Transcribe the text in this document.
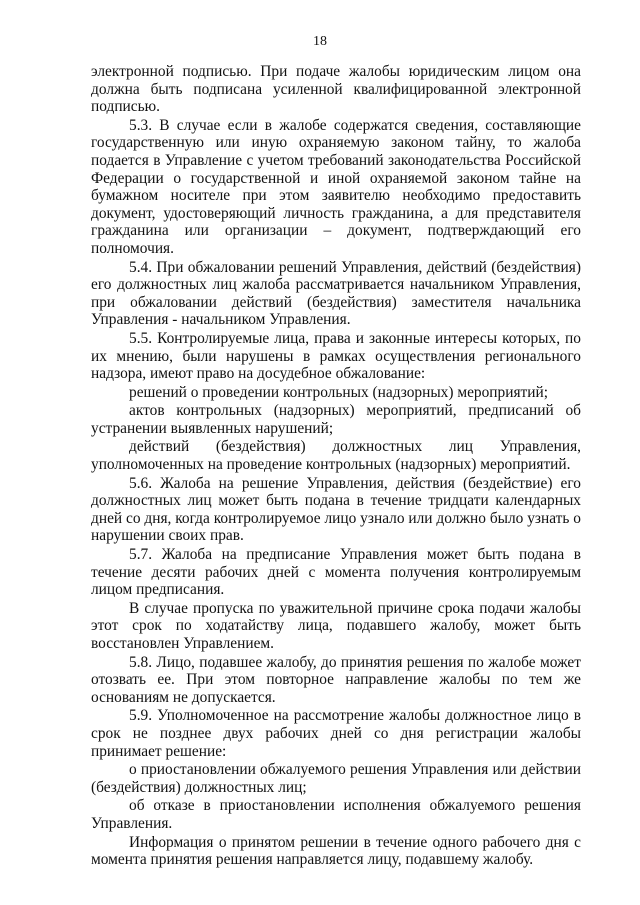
18

электронной подписью. При подаче жалобы юридическим лицом она должна быть подписана усиленной квалифицированной электронной подписью.

5.3. В случае если в жалобе содержатся сведения, составляющие государственную или иную охраняемую законом тайну, то жалоба подается в Управление с учетом требований законодательства Российской Федерации о государственной и иной охраняемой законом тайне на бумажном носителе при этом заявителю необходимо предоставить документ, удостоверяющий личность гражданина, а для представителя гражданина или организации – документ, подтверждающий его полномочия.

5.4. При обжаловании решений Управления, действий (бездействия) его должностных лиц жалоба рассматривается начальником Управления, при обжаловании действий (бездействия) заместителя начальника Управления - начальником Управления.

5.5. Контролируемые лица, права и законные интересы которых, по их мнению, были нарушены в рамках осуществления регионального надзора, имеют право на досудебное обжалование:

решений о проведении контрольных (надзорных) мероприятий;

актов контрольных (надзорных) мероприятий, предписаний об устранении выявленных нарушений;

действий (бездействия) должностных лиц Управления, уполномоченных на проведение контрольных (надзорных) мероприятий.

5.6. Жалоба на решение Управления, действия (бездействие) его должностных лиц может быть подана в течение тридцати календарных дней со дня, когда контролируемое лицо узнало или должно было узнать о нарушении своих прав.

5.7. Жалоба на предписание Управления может быть подана в течение десяти рабочих дней с момента получения контролируемым лицом предписания.

В случае пропуска по уважительной причине срока подачи жалобы этот срок по ходатайству лица, подавшего жалобу, может быть восстановлен Управлением.

5.8. Лицо, подавшее жалобу, до принятия решения по жалобе может отозвать ее. При этом повторное направление жалобы по тем же основаниям не допускается.

5.9. Уполномоченное на рассмотрение жалобы должностное лицо в срок не позднее двух рабочих дней со дня регистрации жалобы принимает решение:

о приостановлении обжалуемого решения Управления или действии (бездействия) должностных лиц;

об отказе в приостановлении исполнения обжалуемого решения Управления.

Информация о принятом решении в течение одного рабочего дня с момента принятия решения направляется лицу, подавшему жалобу.
